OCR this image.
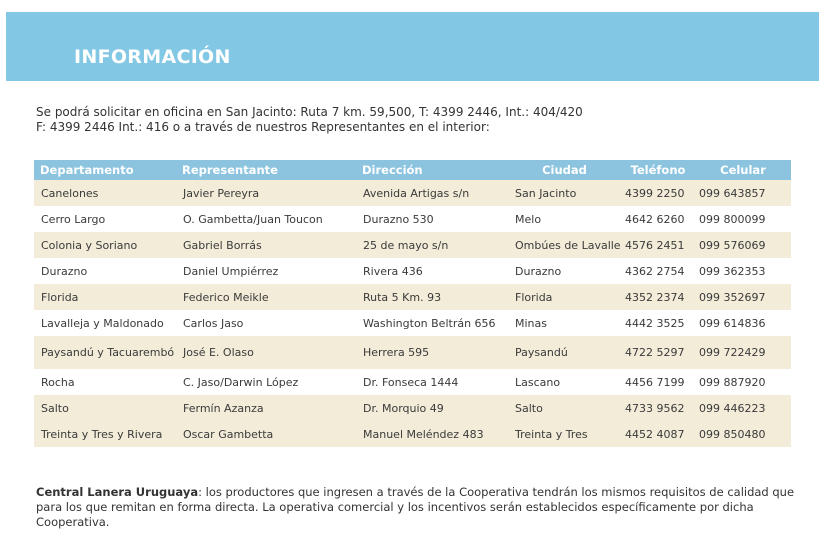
INFORMACIÓN

Se podrá solicitar en oficina en San Jacinto: Ruta 7 km. 59,500, T: 4399 2446, Int.: 404/420

F: 4399 2446 Int.: 416 o a través de nuestros Representantes en el interior:

Departamento	Representante	Dirección	Ciudad	Teléfono	Celular
Canelones	Javier Pereyra	Avenida Artigas s/n	San Jacinto	4399 2250	099 643857
Cerro Largo	O. Gambetta/Juan Toucon	Durazno 530	Melo	4642 6260	099 800099
Colonia y Soriano	Gabriel Borrás	25 de mayo s/n	Ombúes de Lavalle	4576 2451	099 576069
Durazno	Daniel Umpiérrez	Rivera 436	Durazno	4362 2754	099 362353
Florida	Federico Meikle	Ruta 5 Km. 93	Florida	4352 2374	099 352697
Lavalleja y Maldonado	Carlos Jaso	Washington Beltrán 656	Minas	4442 3525	099 614836
Paysandú y Tacuarembó	José E. Olaso	Herrera 595	Paysandú	4722 5297	099 722429
Rocha	C. Jaso/Darwin López	Dr. Fonseca 1444	Lascano	4456 7199	099 887920
Salto	Fermín Azanza	Dr. Morquio 49	Salto	4733 9562	099 446223
Treinta y Tres y Rivera	Oscar Gambetta	Manuel Meléndez 483	Treinta y Tres	4452 4087	099 850480

Central Lanera Uruguaya: los productores que ingresen a través de la Cooperativa tendrán los mismos requisitos de calidad que para los que remitan en forma directa. La operativa comercial y los incentivos serán establecidos específicamente por dicha Cooperativa.
